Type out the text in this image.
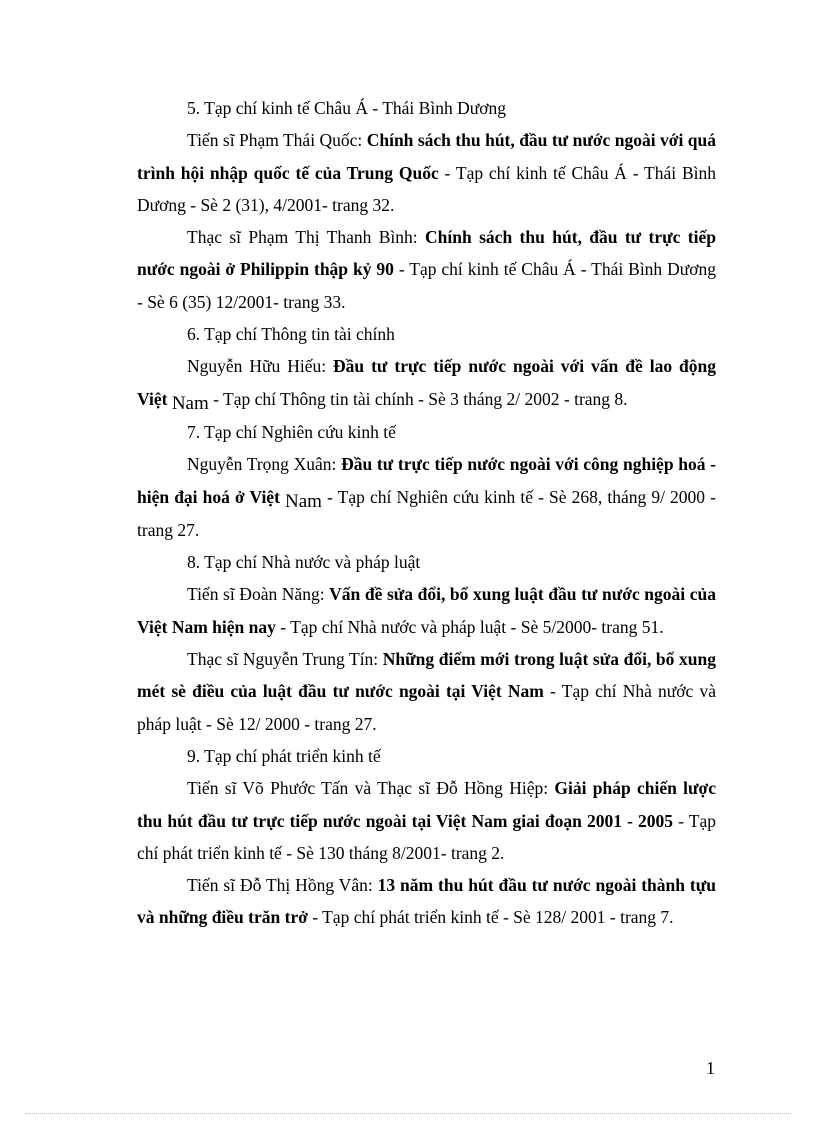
5. Tạp chí kinh tế Châu Á - Thái Bình Dương

Tiến sĩ Phạm Thái Quốc: Chính sách thu hút, đầu tư nước ngoài với quá trình hội nhập quốc tế của Trung Quốc - Tạp chí kinh tế Châu Á - Thái Bình Dương - Sè 2 (31), 4/2001- trang 32.

Thạc sĩ Phạm Thị Thanh Bình: Chính sách thu hút, đầu tư trực tiếp nước ngoài ở Philippin thập kỷ 90 - Tạp chí kinh tế Châu Á - Thái Bình Dương - Sè 6 (35) 12/2001- trang 33.

6. Tạp chí Thông tin tài chính

Nguyễn Hữu Hiếu: Đầu tư trực tiếp nước ngoài với vấn đề lao động Việt Nam - Tạp chí Thông tin tài chính - Sè 3 tháng 2/ 2002 - trang 8.

7. Tạp chí Nghiên cứu kinh tế

Nguyễn Trọng Xuân: Đầu tư trực tiếp nước ngoài với công nghiệp hoá - hiện đại hoá ở Việt Nam - Tạp chí Nghiên cứu kinh tế - Sè 268, tháng 9/ 2000 - trang 27.

8. Tạp chí Nhà nước và pháp luật

Tiến sĩ Đoàn Năng: Vấn đề sửa đổi, bổ xung luật đầu tư nước ngoài của Việt Nam hiện nay - Tạp chí Nhà nước và pháp luật - Sè 5/2000- trang 51.

Thạc sĩ Nguyễn Trung Tín: Những điểm mới trong luật sửa đổi, bổ xung mét sè điều của luật đầu tư nước ngoài tại Việt Nam - Tạp chí Nhà nước và pháp luật - Sè 12/ 2000 - trang 27.

9. Tạp chí phát triển kinh tế

Tiến sĩ Võ Phước Tấn và Thạc sĩ Đỗ Hồng Hiệp: Giải pháp chiến lược thu hút đầu tư trực tiếp nước ngoài tại Việt Nam giai đoạn 2001 - 2005 - Tạp chí phát triển kinh tế - Sè 130 tháng 8/2001- trang 2.

Tiến sĩ Đỗ Thị Hồng Vân: 13 năm thu hút đầu tư nước ngoài thành tựu và những điều trăn trở - Tạp chí phát triển kinh tế - Sè 128/ 2001 - trang 7.

1
